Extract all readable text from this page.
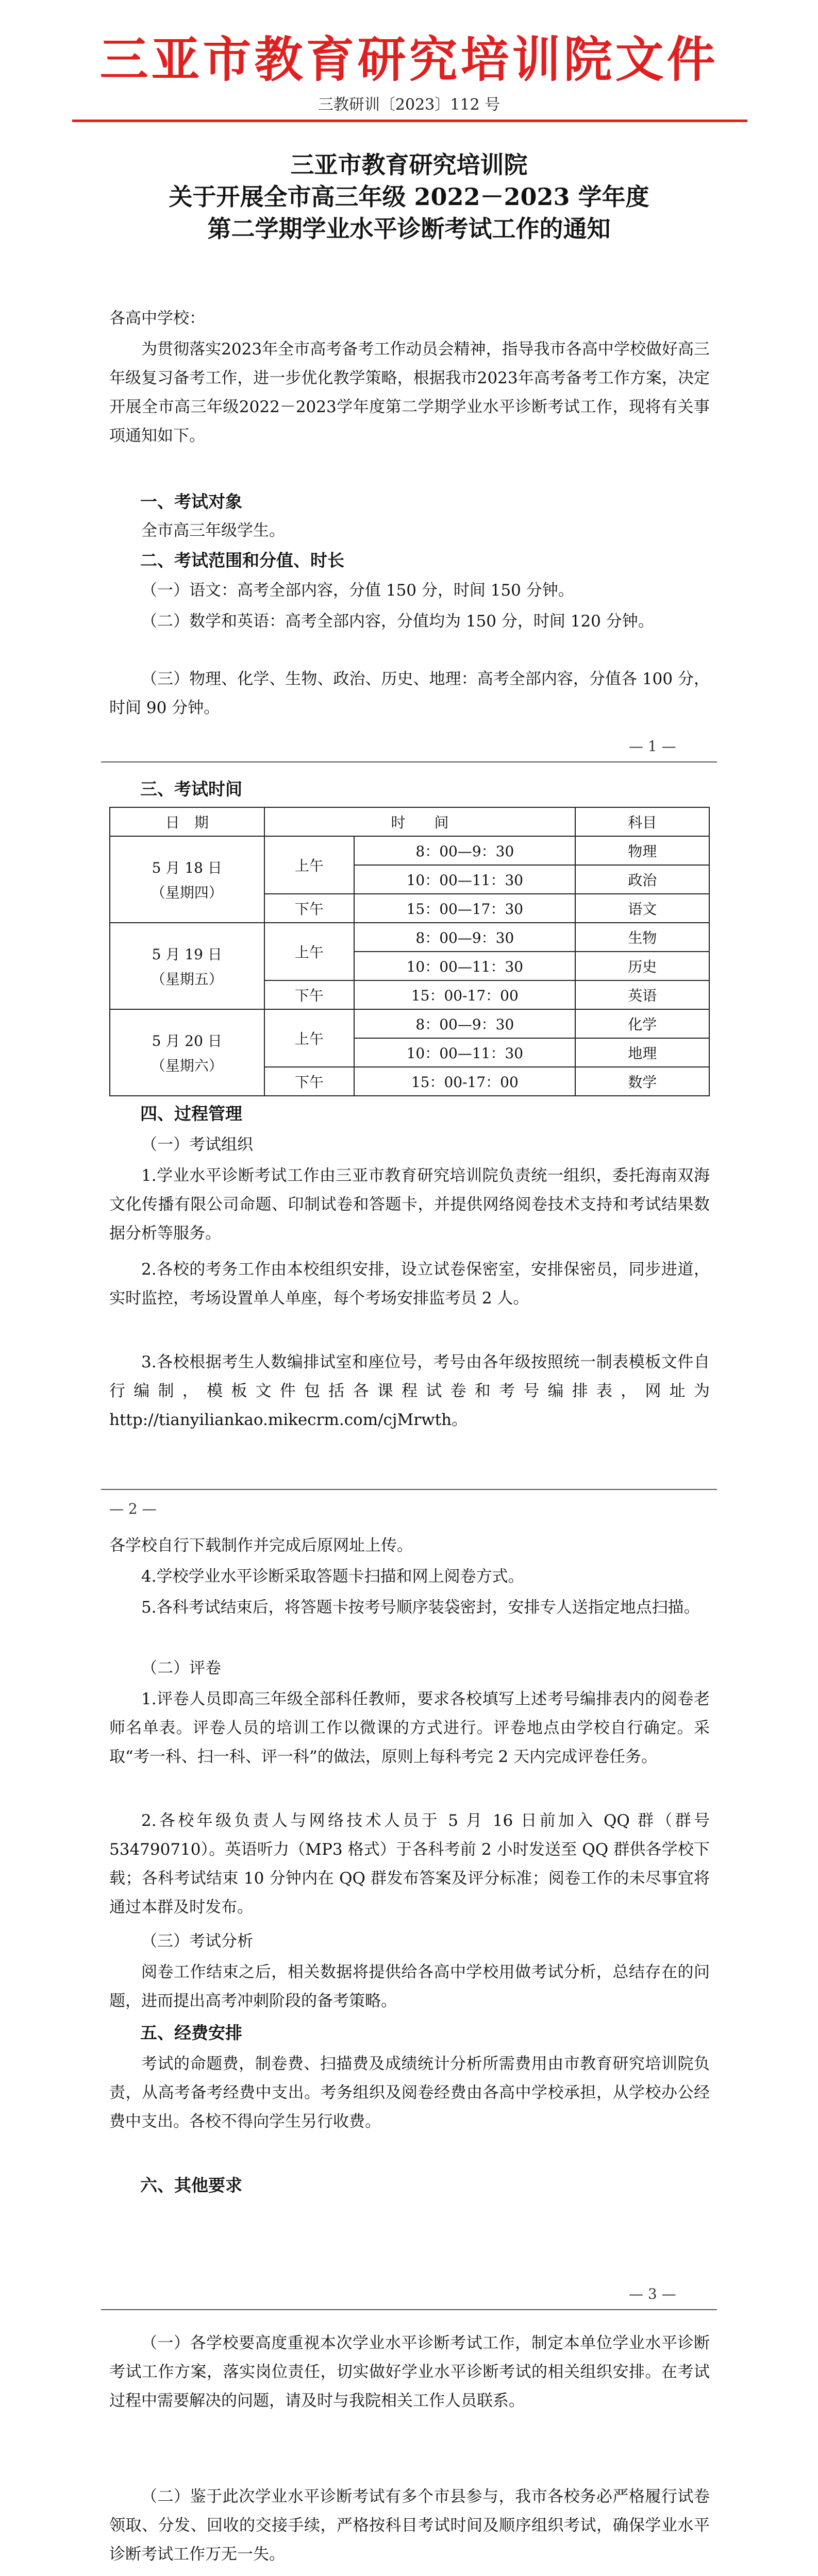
三亚市教育研究培训院文件
三教研训〔2023〕112 号
三亚市教育研究培训院
关于开展全市高三年级 2022－2023 学年度
第二学期学业水平诊断考试工作的通知
各高中学校：
为贯彻落实2023年全市高考备考工作动员会精神，指导我市各高中学校做好高三年级复习备考工作，进一步优化教学策略，根据我市2023年高考备考工作方案，决定开展全市高三年级2022－2023学年度第二学期学业水平诊断考试工作，现将有关事项通知如下。
一、考试对象
全市高三年级学生。
二、考试范围和分值、时长
（一）语文：高考全部内容，分值 150 分，时间 150 分钟。
（二）数学和英语：高考全部内容，分值均为 150 分，时间 120 分钟。
（三）物理、化学、生物、政治、历史、地理：高考全部内容，分值各 100 分，时间 90 分钟。
— 1 —
三、考试时间
日　期	时　　间		科目

5 月 18 日
（星期四）	上午	8：00—9：30	物理
		10：00—11：30	政治
	下午	15：00—17：30	语文

5 月 19 日
（星期五）	上午	8：00—9：30	生物
		10：00—11：30	历史
	下午	15：00-17：00	英语

5 月 20 日
（星期六）	上午	8：00—9：30	化学
		10：00—11：30	地理
	下午	15：00-17：00	数学
四、过程管理
（一）考试组织
1.学业水平诊断考试工作由三亚市教育研究培训院负责统一组织，委托海南双海文化传播有限公司命题、印制试卷和答题卡，并提供网络阅卷技术支持和考试结果数据分析等服务。
2.各校的考务工作由本校组织安排，设立试卷保密室，安排保密员，同步进道，实时监控，考场设置单人单座，每个考场安排监考员 2 人。
3.各校根据考生人数编排试室和座位号，考号由各年级按照统一制表模板文件自行编制，模板文件包括各课程试卷和考号编排表，网址为 http://tianyiliankao.mikecrm.com/cjMrwth。
— 2 —
各学校自行下载制作并完成后原网址上传。
4.学校学业水平诊断采取答题卡扫描和网上阅卷方式。
5.各科考试结束后，将答题卡按考号顺序装袋密封，安排专人送指定地点扫描。
（二）评卷
1.评卷人员即高三年级全部科任教师，要求各校填写上述考号编排表内的阅卷老师名单表。评卷人员的培训工作以微课的方式进行。评卷地点由学校自行确定。采取“考一科、扫一科、评一科”的做法，原则上每科考完 2 天内完成评卷任务。
2.各校年级负责人与网络技术人员于 5 月 16 日前加入 QQ 群（群号 534790710）。英语听力（MP3 格式）于各科考前 2 小时发送至 QQ 群供各学校下载；各科考试结束 10 分钟内在 QQ 群发布答案及评分标准；阅卷工作的未尽事宜将通过本群及时发布。
（三）考试分析
阅卷工作结束之后，相关数据将提供给各高中学校用做考试分析，总结存在的问题，进而提出高考冲刺阶段的备考策略。
五、经费安排
考试的命题费，制卷费、扫描费及成绩统计分析所需费用由市教育研究培训院负责，从高考备考经费中支出。考务组织及阅卷经费由各高中学校承担，从学校办公经费中支出。各校不得向学生另行收费。
六、其他要求
— 3 —
（一）各学校要高度重视本次学业水平诊断考试工作，制定本单位学业水平诊断考试工作方案，落实岗位责任，切实做好学业水平诊断考试的相关组织安排。在考试过程中需要解决的问题，请及时与我院相关工作人员联系。
（二）鉴于此次学业水平诊断考试有多个市县参与，我市各校务必严格履行试卷领取、分发、回收的交接手续，严格按科目考试时间及顺序组织考试，确保学业水平诊断考试工作万无一失。
